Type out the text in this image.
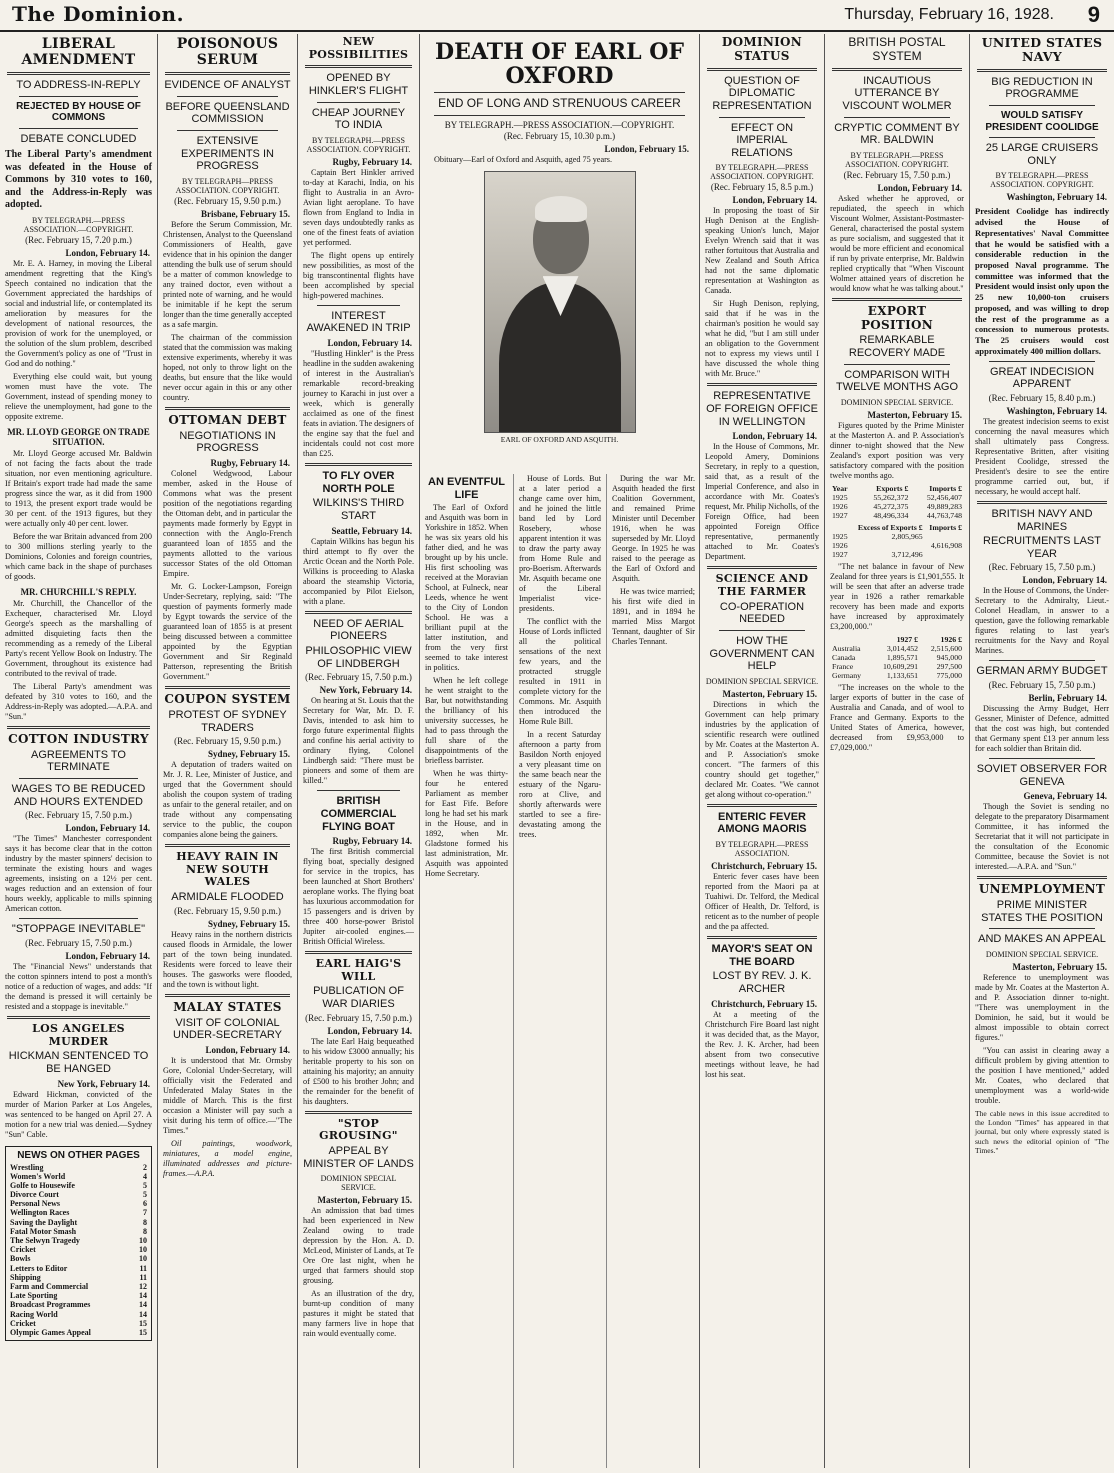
The Dominion.	Thursday, February 16, 1928. 9
LIBERAL AMENDMENT
TO ADDRESS-IN-REPLY
REJECTED BY HOUSE OF COMMONS
DEBATE CONCLUDED

The Liberal Party's amendment was defeated in the House of Commons by 310 votes to 160, and the Address-in-Reply was adopted.

BY TELEGRAPH.—PRESS ASSOCIATION.—COPYRIGHT.
(Rec. February 15, 7.20 p.m.)
London, February 14.

Mr. E. A. Harney, in moving the Liberal amendment regretting that the King's Speech contained no indication that the Government appreciated the hardships of social and industrial life, or contemplated its amelioration by measures for the development of national resources, the provision of work for the unemployed, or the solution of the slum problem, described the Government's policy as one of "Trust in God and do nothing."

Everything else could wait, but young women must have the vote. The Government, instead of spending money to relieve the unemployment, had gone to the opposite extreme.

MR. LLOYD GEORGE ON TRADE SITUATION.

Mr. Lloyd George accused Mr. Baldwin of not facing the facts about the trade situation, nor even mentioning agriculture. If Britain's export trade had made the same progress since the war, as it did from 1900 to 1913, the present export trade would be 30 per cent. of the 1913 figures, but they were actually only 40 per cent. lower.

Before the war Britain advanced from 200 to 300 millions sterling yearly to the Dominions, Colonies and foreign countries, which came back in the shape of purchases of goods.

MR. CHURCHILL'S REPLY.

Mr. Churchill, the Chancellor of the Exchequer, characterised Mr. Lloyd George's speech as the marshalling of admitted disquieting facts then the recommending as a remedy of the Liberal Party's recent Yellow Book on Industry. The Government, throughout its existence had contributed to the revival of trade.

The Liberal Party's amendment was defeated by 310 votes to 160, and the Address-in-Reply was adopted.—A.P.A. and "Sun."

COTTON INDUSTRY
AGREEMENTS TO TERMINATE
WAGES TO BE REDUCED AND HOURS EXTENDED
(Rec. February 15, 7.50 p.m.)
London, February 14.

"The Times" Manchester correspondent says it has become clear that in the cotton industry by the master spinners' decision to terminate the existing hours and wages agreements, insisting on a 12½ per cent. wages reduction and an extension of four hours weekly, applicable to mills spinning American cotton.

"STOPPAGE INEVITABLE"
(Rec. February 15, 7.50 p.m.)
London, February 14.

The "Financial News" understands that the cotton spinners intend to post a month's notice of a reduction of wages, and adds: "If the demand is pressed it will certainly be resisted and a stoppage is inevitable."

LOS ANGELES MURDER
HICKMAN SENTENCED TO BE HANGED
New York, February 14.

Edward Hickman, convicted of the murder of Marion Parker at Los Angeles, was sentenced to be hanged on April 27. A motion for a new trial was denied.—Sydney "Sun" Cable.

NEWS ON OTHER PAGES
Wrestling	2
Women's World	4
Golfe to Housewife	5
Divorce Court	5
Personal News	6
Wellington Races	7
Saving the Daylight	8
Fatal Motor Smash	8
The Selwyn Tragedy	10
Cricket	10
Bowls	10
Letters to Editor	11
Shipping	11
Farm and Commercial	12
Late Sporting	14
Broadcast Programmes	14
Racing World	14
Cricket	15
Olympic Games Appeal	15
POISONOUS SERUM
EVIDENCE OF ANALYST
BEFORE QUEENSLAND COMMISSION
EXTENSIVE EXPERIMENTS IN PROGRESS
BY TELEGRAPH—PRESS ASSOCIATION. COPYRIGHT.
(Rec. February 15, 9.50 p.m.)
Brisbane, February 15.

Before the Serum Commission, Mr. Christensen, Analyst to the Queensland Commissioners of Health, gave evidence that in his opinion the danger attending the bulk use of serum should be a matter of common knowledge to any trained doctor, even without a printed note of warning, and he would be inimitable if he kept the serum longer than the time generally accepted as a safe margin.

The chairman of the commission stated that the commission was making extensive experiments, whereby it was hoped, not only to throw light on the deaths, but ensure that the like would never occur again in this or any other country.

OTTOMAN DEBT
NEGOTIATIONS IN PROGRESS
Rugby, February 14.

Colonel Wedgwood, Labour member, asked in the House of Commons what was the present position of the negotiations regarding the Ottoman debt, and in particular the payments made formerly by Egypt in connection with the Anglo-French guaranteed loan of 1855 and the payments allotted to the various successor States of the old Ottoman Empire.

Mr. G. Locker-Lampson, Foreign Under-Secretary, replying, said: "The question of payments formerly made by Egypt towards the service of the guaranteed loan of 1855 is at present being discussed between a committee appointed by the Egyptian Government and Sir Reginald Patterson, representing the British Government."

COUPON SYSTEM
PROTEST OF SYDNEY TRADERS
(Rec. February 15, 9.50 p.m.)
Sydney, February 15.

A deputation of traders waited on Mr. J. R. Lee, Minister of Justice, and urged that the Government should abolish the coupon system of trading as unfair to the general retailer, and on trade without any compensating service to the public, the coupon companies alone being the gainers.

HEAVY RAIN IN NEW SOUTH WALES
ARMIDALE FLOODED
(Rec. February 15, 9.50 p.m.)
Sydney, February 15.

Heavy rains in the northern districts caused floods in Armidale, the lower part of the town being inundated. Residents were forced to leave their houses. The gasworks were flooded, and the town is without light.

MALAY STATES
VISIT OF COLONIAL UNDER-SECRETARY
London, February 14.

It is understood that Mr. Ormsby Gore, Colonial Under-Secretary, will officially visit the Federated and Unfederated Malay States in the middle of March. This is the first occasion a Minister will pay such a visit during his term of office.—"The Times."

Oil paintings, woodwork, miniatures, a model engine, illuminated addresses and picture-frames.—A.P.A.

NEW POSSIBILITIES
OPENED BY HINKLER'S FLIGHT
CHEAP JOURNEY TO INDIA
BY TELEGRAPH.—PRESS ASSOCIATION. COPYRIGHT.
Rugby, February 14.

Captain Bert Hinkler arrived to-day at Karachi, India, on his flight to Australia in an Avro-Avian light aeroplane. To have flown from England to India in seven days undoubtedly ranks as one of the finest feats of aviation yet performed.

The flight opens up entirely new possibilities, as most of the big transcontinental flights have been accomplished by special high-powered machines.

INTEREST AWAKENED IN TRIP
London, February 14.

"Hustling Hinkler" is the Press headline in the sudden awakening of interest in the Australian's remarkable record-breaking journey to Karachi in just over a week, which is generally acclaimed as one of the finest feats in aviation. The designers of the engine say that the fuel and incidentals could not cost more than £25.

TO FLY OVER NORTH POLE
WILKINS'S THIRD START
Seattle, February 14.

Captain Wilkins has begun his third attempt to fly over the Arctic Ocean and the North Pole. Wilkins is proceeding to Alaska aboard the steamship Victoria, accompanied by Pilot Eielson, with a plane.

NEED OF AERIAL PIONEERS
PHILOSOPHIC VIEW OF LINDBERGH
(Rec. February 15, 7.50 p.m.)
New York, February 14.

On hearing at St. Louis that the Secretary for War, Mr. D. F. Davis, intended to ask him to forgo future experimental flights and confine his aerial activity to ordinary flying, Colonel Lindbergh said: "There must be pioneers and some of them are killed."

BRITISH COMMERCIAL FLYING BOAT
Rugby, February 14.

The first British commercial flying boat, specially designed for service in the tropics, has been launched at Short Brothers' aeroplane works. The flying boat has luxurious accommodation for 15 passengers and is driven by three 400 horse-power Bristol Jupiter air-cooled engines.—British Official Wireless.

EARL HAIG'S WILL
PUBLICATION OF WAR DIARIES
(Rec. February 15, 7.50 p.m.)
London, February 14.

The late Earl Haig bequeathed to his widow £3000 annually; his heritable property to his son on attaining his majority; an annuity of £500 to his brother John; and the remainder for the benefit of his daughters.

"STOP GROUSING"
APPEAL BY MINISTER OF LANDS
DOMINION SPECIAL SERVICE.
Masterton, February 15.

An admission that bad times had been experienced in New Zealand owing to trade depression by the Hon. A. D. McLeod, Minister of Lands, at Te Ore Ore last night, when he urged that farmers should stop grousing.

As an illustration of the dry, burnt-up condition of many pastures it might be stated that many farmers live in hope that rain would eventually come.

DEATH OF EARL OF OXFORD
END OF LONG AND STRENUOUS CAREER
BY TELEGRAPH.—PRESS ASSOCIATION.—COPYRIGHT.
(Rec. February 15, 10.30 p.m.)
London, February 15.

Obituary—Earl of Oxford and Asquith, aged 75 years.

EARL OF OXFORD AND ASQUITH.
AN EVENTFUL LIFE

The Earl of Oxford and Asquith was born in Yorkshire in 1852. When he was six years old his father died, and he was brought up by his uncle. His first schooling was received at the Moravian School, at Fulneck, near Leeds, whence he went to the City of London School. He was a brilliant pupil at the latter institution, and from the very first seemed to take interest in politics.

When he left college he went straight to the Bar, but notwithstanding the brilliancy of his university successes, he had to pass through the full share of the disappointments of the briefless barrister.

When he was thirty-four he entered Parliament as member for East Fife. Before long he had set his mark in the House, and in 1892, when Mr. Gladstone formed his last administration, Mr. Asquith was appointed Home Secretary.

House of Lords. But at a later period a change came over him, and he joined the little band led by Lord Rosebery, whose apparent intention it was to draw the party away from Home Rule and pro-Boerism. Afterwards Mr. Asquith became one of the Liberal Imperialist vice-presidents.

The conflict with the House of Lords inflicted all the political sensations of the next few years, and the protracted struggle resulted in 1911 in complete victory for the Commons. Mr. Asquith then introduced the Home Rule Bill.

In a recent Saturday afternoon a party from Basildon North enjoyed a very pleasant time on the same beach near the estuary of the Ngaru-roro at Clive, and shortly afterwards were startled to see a fire-devastating among the trees.

During the war Mr. Asquith headed the first Coalition Government, and remained Prime Minister until December 1916, when he was superseded by Mr. Lloyd George. In 1925 he was raised to the peerage as the Earl of Oxford and Asquith.

He was twice married; his first wife died in 1891, and in 1894 he married Miss Margot Tennant, daughter of Sir Charles Tennant.

DOMINION STATUS
QUESTION OF DIPLOMATIC REPRESENTATION
EFFECT ON IMPERIAL RELATIONS
BY TELEGRAPH.—PRESS ASSOCIATION. COPYRIGHT.
(Rec. February 15, 8.5 p.m.)
London, February 14.

In proposing the toast of Sir Hugh Denison at the English-speaking Union's lunch, Major Evelyn Wrench said that it was rather fortuitous that Australia and New Zealand and South Africa had not the same diplomatic representation at Washington as Canada.

Sir Hugh Denison, replying, said that if he was in the chairman's position he would say what he did, "but I am still under an obligation to the Government not to express my views until I have discussed the whole thing with Mr. Bruce."

REPRESENTATIVE OF FOREIGN OFFICE IN WELLINGTON
London, February 14.

In the House of Commons, Mr. Leopold Amery, Dominions Secretary, in reply to a question, said that, as a result of the Imperial Conference, and also in accordance with Mr. Coates's request, Mr. Philip Nicholls, of the Foreign Office, had been appointed Foreign Office representative, permanently attached to Mr. Coates's Department.

SCIENCE AND THE FARMER
CO-OPERATION NEEDED
HOW THE GOVERNMENT CAN HELP
DOMINION SPECIAL SERVICE.
Masterton, February 15.

Directions in which the Government can help primary industries by the application of scientific research were outlined by Mr. Coates at the Masterton A. and P. Association's smoke concert. "The farmers of this country should get together," declared Mr. Coates. "We cannot get along without co-operation."

ENTERIC FEVER AMONG MAORIS
BY TELEGRAPH.—PRESS ASSOCIATION.
Christchurch, February 15.

Enteric fever cases have been reported from the Maori pa at Tuahiwi. Dr. Telford, the Medical Officer of Health, Dr. Telford, is reticent as to the number of people and the pa affected.

MAYOR'S SEAT ON THE BOARD
LOST BY REV. J. K. ARCHER
Christchurch, February 15.

At a meeting of the Christchurch Fire Board last night it was decided that, as the Mayor, the Rev. J. K. Archer, had been absent from two consecutive meetings without leave, he had lost his seat.

BRITISH POSTAL SYSTEM
INCAUTIOUS UTTERANCE BY VISCOUNT WOLMER
CRYPTIC COMMENT BY MR. BALDWIN
BY TELEGRAPH.—PRESS ASSOCIATION. COPYRIGHT.
(Rec. February 15, 7.50 p.m.)
London, February 14.

Asked whether he approved, or repudiated, the speech in which Viscount Wolmer, Assistant-Postmaster-General, characterised the postal system as pure socialism, and suggested that it would be more efficient and economical if run by private enterprise, Mr. Baldwin replied cryptically that "When Viscount Wolmer attained years of discretion he would know what he was talking about."

EXPORT POSITION
REMARKABLE RECOVERY MADE
COMPARISON WITH TWELVE MONTHS AGO
DOMINION SPECIAL SERVICE.
Masterton, February 15.

Figures quoted by the Prime Minister at the Masterton A. and P. Association's dinner to-night showed that the New Zealand's export position was very satisfactory compared with the position twelve months ago.

Year	Exports £	Imports £
1925	55,262,372	52,456,407
1926	45,272,375	49,889,283
1927	48,496,334	44,763,748
	Excess of Exports £	Imports £
1925	2,805,965	
1926		4,616,908
1927	3,712,496	

"The net balance in favour of New Zealand for three years is £1,901,555. It will be seen that after an adverse trade year in 1926 a rather remarkable recovery has been made and exports have increased by approximately £3,200,000."

	1927 £	1926 £
Australia	3,014,452	2,515,600
Canada	1,895,571	945,000
France	10,609,291	297,500
Germany	1,133,651	775,000

"The increases on the whole to the larger exports of butter in the case of Australia and Canada, and of wool to France and Germany. Exports to the United States of America, however, decreased from £9,953,000 to £7,029,000."

UNITED STATES NAVY
BIG REDUCTION IN PROGRAMME
WOULD SATISFY PRESIDENT COOLIDGE
25 LARGE CRUISERS ONLY
BY TELEGRAPH.—PRESS ASSOCIATION. COPYRIGHT.
Washington, February 14.

President Coolidge has indirectly advised the House of Representatives' Naval Committee that he would be satisfied with a considerable reduction in the proposed Naval programme. The committee was informed that the President would insist only upon the 25 new 10,000-ton cruisers proposed, and was willing to drop the rest of the programme as a concession to numerous protests. The 25 cruisers would cost approximately 400 million dollars.

GREAT INDECISION APPARENT
(Rec. February 15, 8.40 p.m.)
Washington, February 14.

The greatest indecision seems to exist concerning the naval measures which shall ultimately pass Congress. Representative Britten, after visiting President Coolidge, stressed the President's desire to see the entire programme carried out, but, if necessary, he would accept half.

BRITISH NAVY AND MARINES
RECRUITMENTS LAST YEAR
(Rec. February 15, 7.50 p.m.)
London, February 14.

In the House of Commons, the Under-Secretary to the Admiralty, Lieut.-Colonel Headlam, in answer to a question, gave the following remarkable figures relating to last year's recruitments for the Navy and Royal Marines.

GERMAN ARMY BUDGET
(Rec. February 15, 7.50 p.m.)
Berlin, February 14.

Discussing the Army Budget, Herr Gessner, Minister of Defence, admitted that the cost was high, but contended that Germany spent £13 per annum less for each soldier than Britain did.

SOVIET OBSERVER FOR GENEVA
Geneva, February 14.

Though the Soviet is sending no delegate to the preparatory Disarmament Committee, it has informed the Secretariat that it will not participate in the consultation of the Economic Committee, because the Soviet is not interested.—A.P.A. and "Sun."

UNEMPLOYMENT
PRIME MINISTER STATES THE POSITION
AND MAKES AN APPEAL
DOMINION SPECIAL SERVICE.
Masterton, February 15.

Reference to unemployment was made by Mr. Coates at the Masterton A. and P. Association dinner to-night. "There was unemployment in the Dominion, he said, but it would be almost impossible to obtain correct figures."

"You can assist in clearing away a difficult problem by giving attention to the position I have mentioned," added Mr. Coates, who declared that unemployment was a world-wide trouble.

The cable news in this issue accredited to the London "Times" has appeared in that journal, but only where expressly stated is such news the editorial opinion of "The Times."
